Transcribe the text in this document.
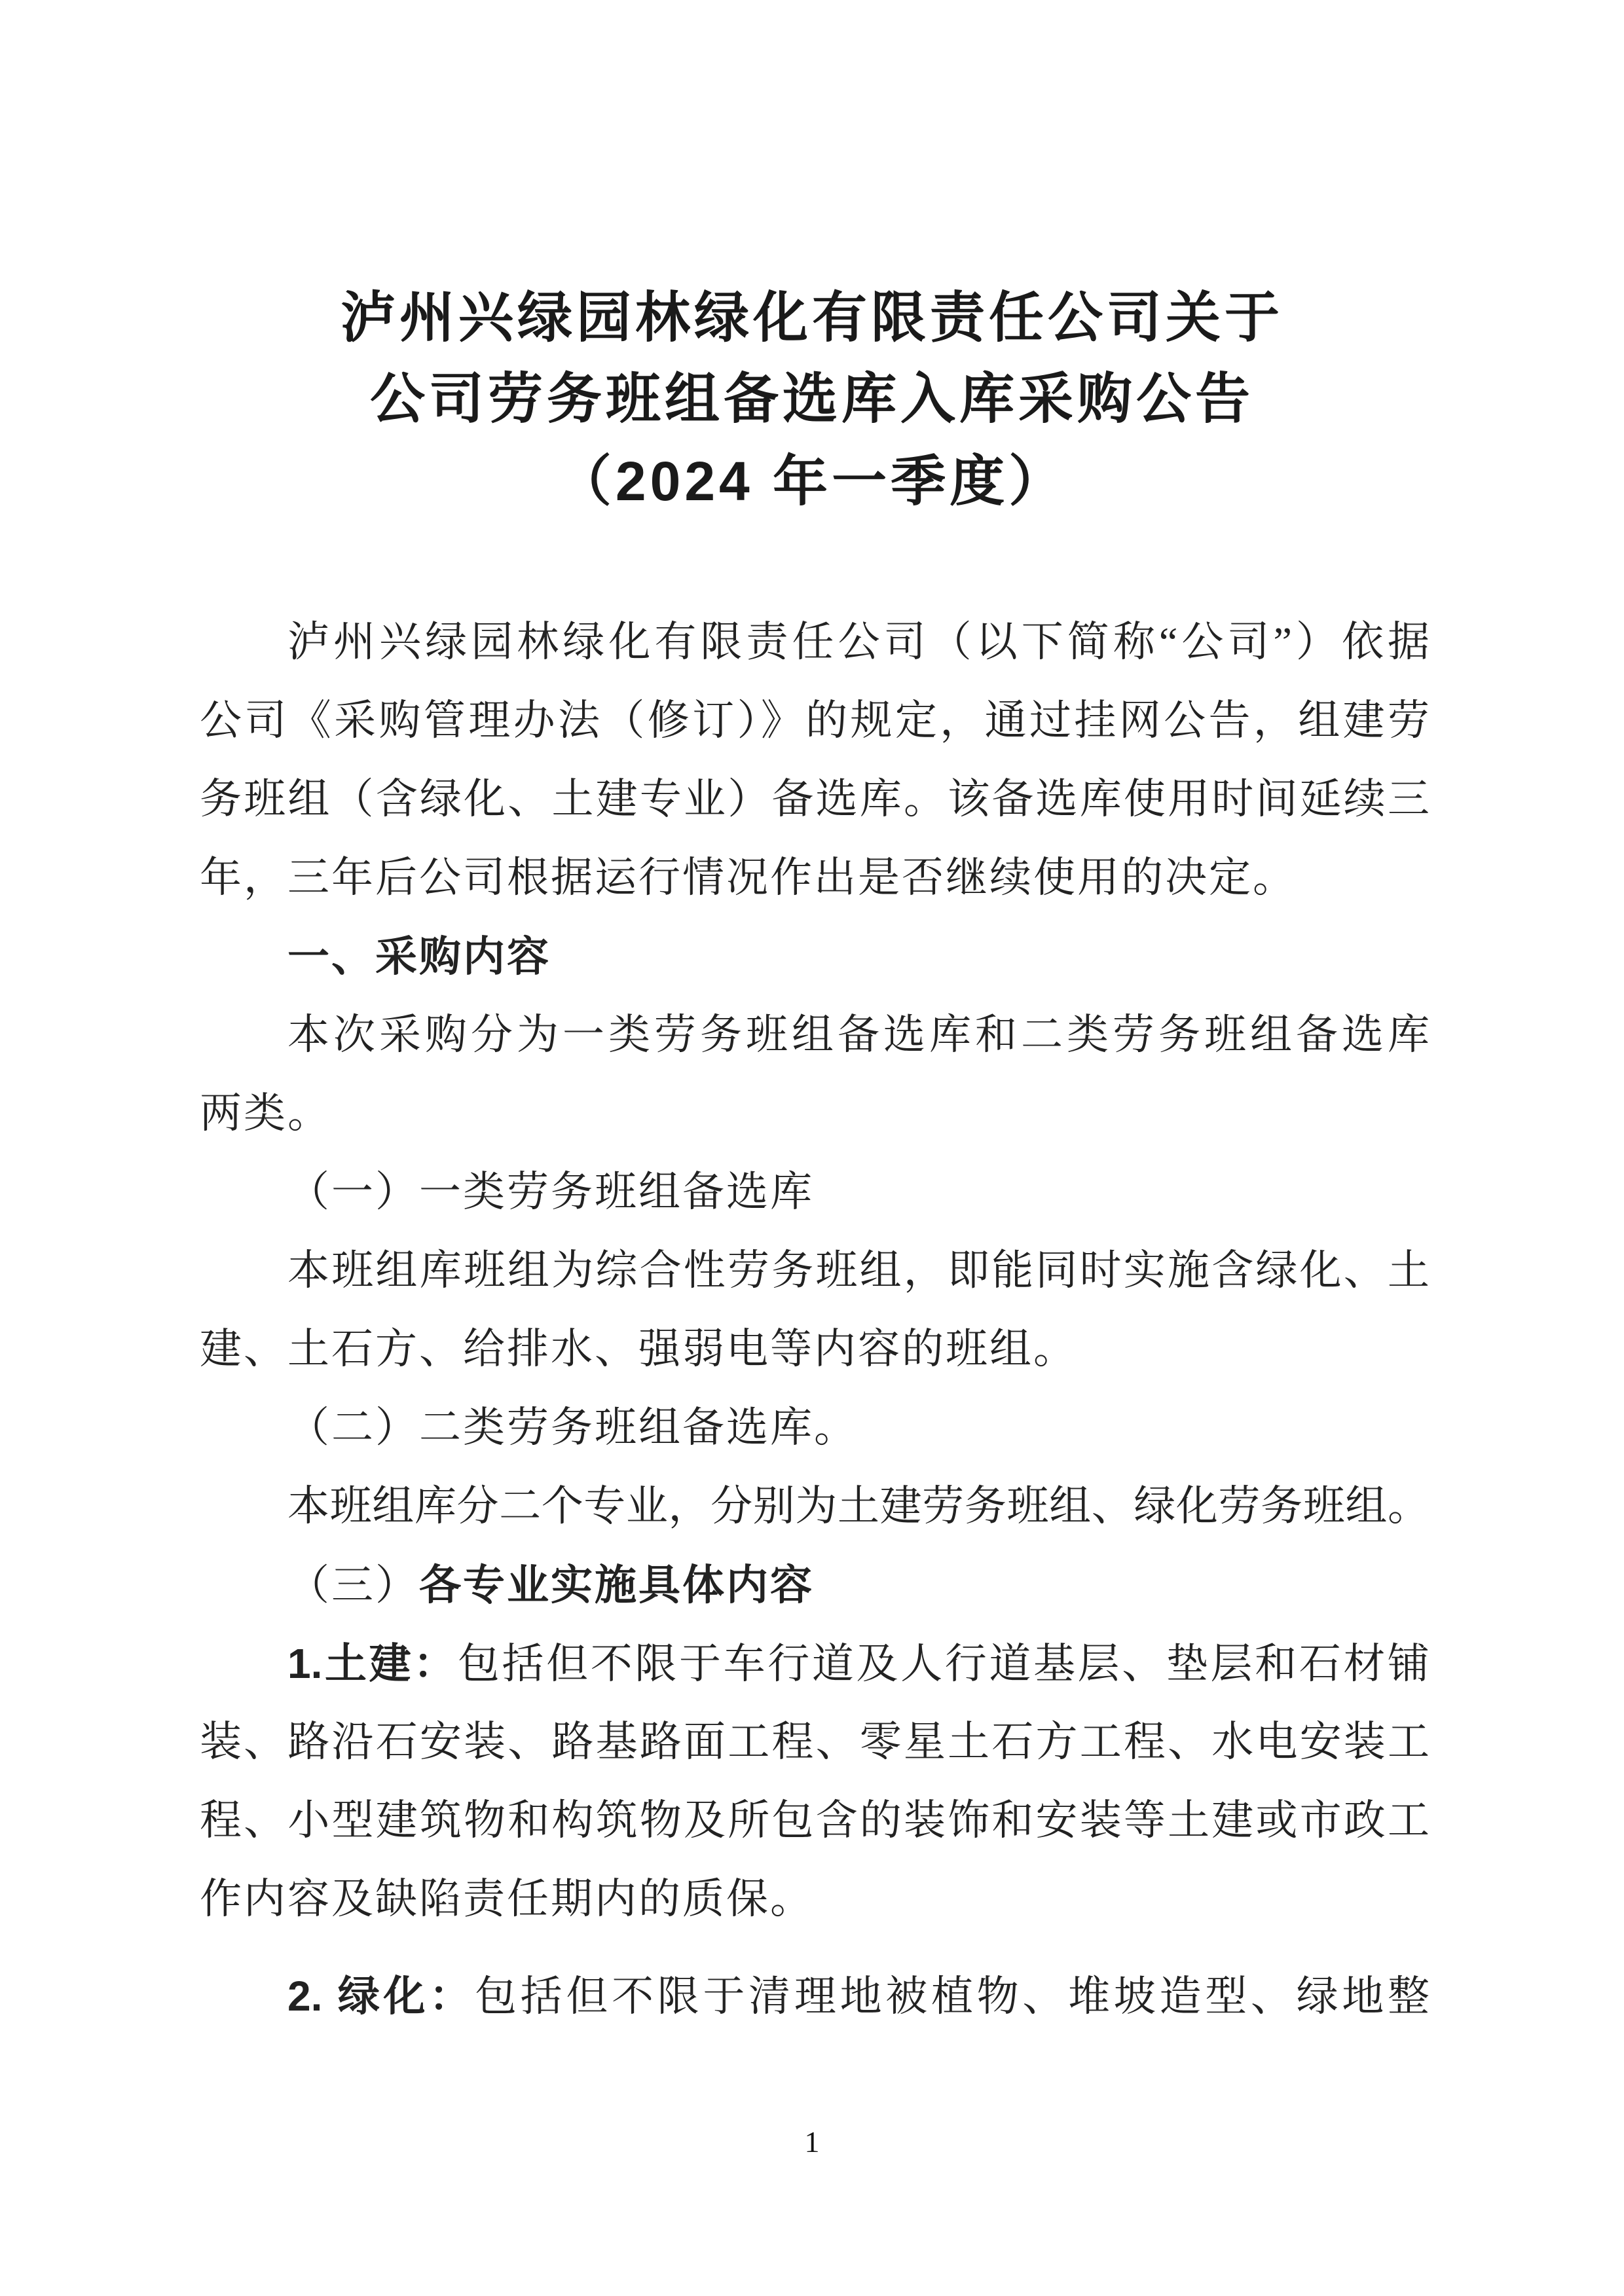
泸州兴绿园林绿化有限责任公司关于
公司劳务班组备选库入库采购公告
（2024 年一季度）
泸州兴绿园林绿化有限责任公司（以下简称“公司”）依据
公司《采购管理办法（修订）》的规定，通过挂网公告，组建劳
务班组（含绿化、土建专业）备选库。该备选库使用时间延续三
年，三年后公司根据运行情况作出是否继续使用的决定。
一、采购内容
本次采购分为一类劳务班组备选库和二类劳务班组备选库
两类。
（一）一类劳务班组备选库
本班组库班组为综合性劳务班组，即能同时实施含绿化、土
建、土石方、给排水、强弱电等内容的班组。
（二）二类劳务班组备选库。
本班组库分二个专业，分别为土建劳务班组、绿化劳务班组。
（三）各专业实施具体内容
1.土建：包括但不限于车行道及人行道基层、垫层和石材铺
装、路沿石安装、路基路面工程、零星土石方工程、水电安装工
程、小型建筑物和构筑物及所包含的装饰和安装等土建或市政工
作内容及缺陷责任期内的质保。
2. 绿化：包括但不限于清理地被植物、堆坡造型、绿地整
1
